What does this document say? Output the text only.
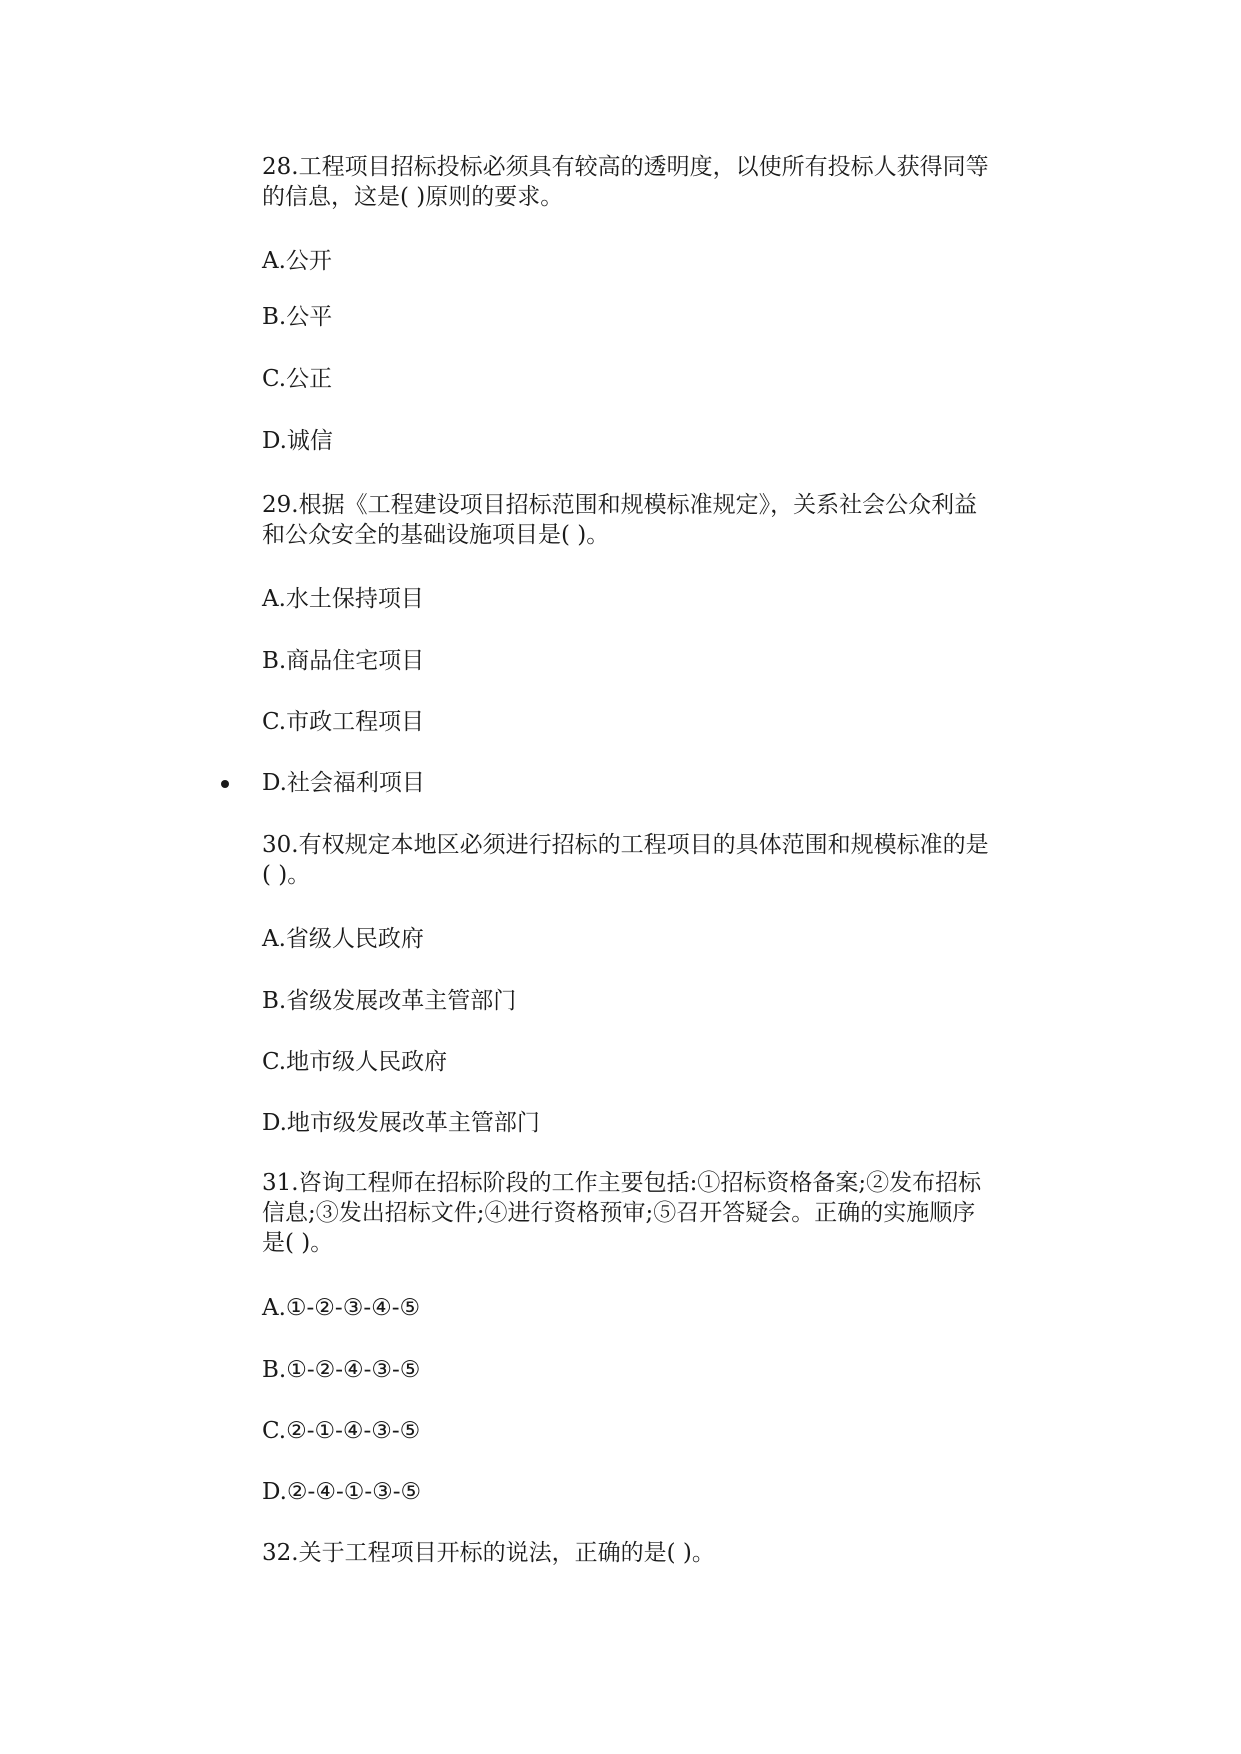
28.工程项目招标投标必须具有较高的透明度，以使所有投标人获得同等
的信息，这是( )原则的要求。
A.公开
B.公平
C.公正
D.诚信
29.根据《工程建设项目招标范围和规模标准规定》，关系社会公众利益
和公众安全的基础设施项目是( )。
A.水土保持项目
B.商品住宅项目
C.市政工程项目
D.社会福利项目
30.有权规定本地区必须进行招标的工程项目的具体范围和规模标准的是
( )。
A.省级人民政府
B.省级发展改革主管部门
C.地市级人民政府
D.地市级发展改革主管部门
31.咨询工程师在招标阶段的工作主要包括:①招标资格备案;②发布招标
信息;③发出招标文件;④进行资格预审;⑤召开答疑会。正确的实施顺序
是( )。
A.①-②-③-④-⑤
B.①-②-④-③-⑤
C.②-①-④-③-⑤
D.②-④-①-③-⑤
32.关于工程项目开标的说法，正确的是( )。
